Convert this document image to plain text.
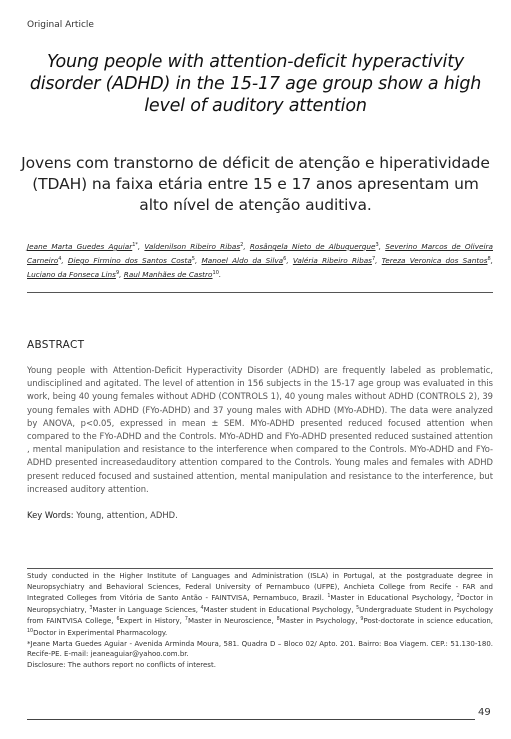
Original Article
Young people with attention-deficit hyperactivity disorder (ADHD) in the 15-17 age group show a high level of auditory attention
Jovens com transtorno de déficit de atenção e hiperatividade (TDAH) na faixa etária entre 15 e 17 anos apresentam um alto nível de atenção auditiva.
Jeane Marta Guedes Aguiar$^{1*}$, Valdenilson Ribeiro Ribas$^2$, Rosângela Nieto de Albuquerque$^3$, Severino Marcos de Oliveira Carneiro$^4$, Diego Firmino dos Santos Costa$^5$, Manoel Aldo da Silva$^6$, Valéria Ribeiro Ribas$^7$, Tereza Veronica dos Santos$^8$, Luciano da Fonseca Lins$^9$, Raul Manhães de Castro$^{10}$.
ABSTRACT
Young people with Attention-Deficit Hyperactivity Disorder (ADHD) are frequently labeled as problematic, undisciplined and agitated. The level of attention in 156 subjects in the 15-17 age group was evaluated in this work, being 40 young females without ADHD (CONTROLS 1), 40 young males without ADHD (CONTROLS 2), 39 young females with ADHD (FYo-ADHD) and 37 young males with ADHD (MYo-ADHD). The data were analyzed by ANOVA, p<0.05, expressed in mean ± SEM. MYo-ADHD presented reduced focused attention when compared to the FYo-ADHD and the Controls. MYo-ADHD and FYo-ADHD presented reduced sustained attention , mental manipulation and resistance to the interference when compared to the Controls. MYo-ADHD and FYo-ADHD presented increasedauditory attention compared to the Controls. Young males and females with ADHD present reduced focused and sustained attention, mental manipulation and resistance to the interference, but increased auditory attention.
Key Words: Young, attention, ADHD.
Study conducted in the Higher Institute of Languages and Administration (ISLA) in Portugal, at the postgraduate degree in Neuropsychiatry and Behavioral Sciences, Federal University of Pernambuco (UFPE), Anchieta College from Recife - FAR and Integrated Colleges from Vitória de Santo Antão - FAINTVISA, Pernambuco, Brazil. $^1$Master in Educational Psychology, $^2$Doctor in Neuropsychiatry, $^3$Master in Language Sciences, $^4$Master student in Educational Psychology, $^5$Undergraduate Student in Psychology from FAINTVISA College, $^6$Expert in History, $^7$Master in Neuroscience, $^8$Master in Psychology, $^9$Post-doctorate in science education, $^{10}$Doctor in Experimental Pharmacology.
*Jeane Marta Guedes Aguiar - Avenida Arminda Moura, 581. Quadra D – Bloco 02/ Apto. 201. Bairro: Boa Viagem. CEP.: 51.130-180. Recife-PE. E-mail: jeaneaguiar@yahoo.com.br.
Disclosure: The authors report no conflicts of interest.
49
